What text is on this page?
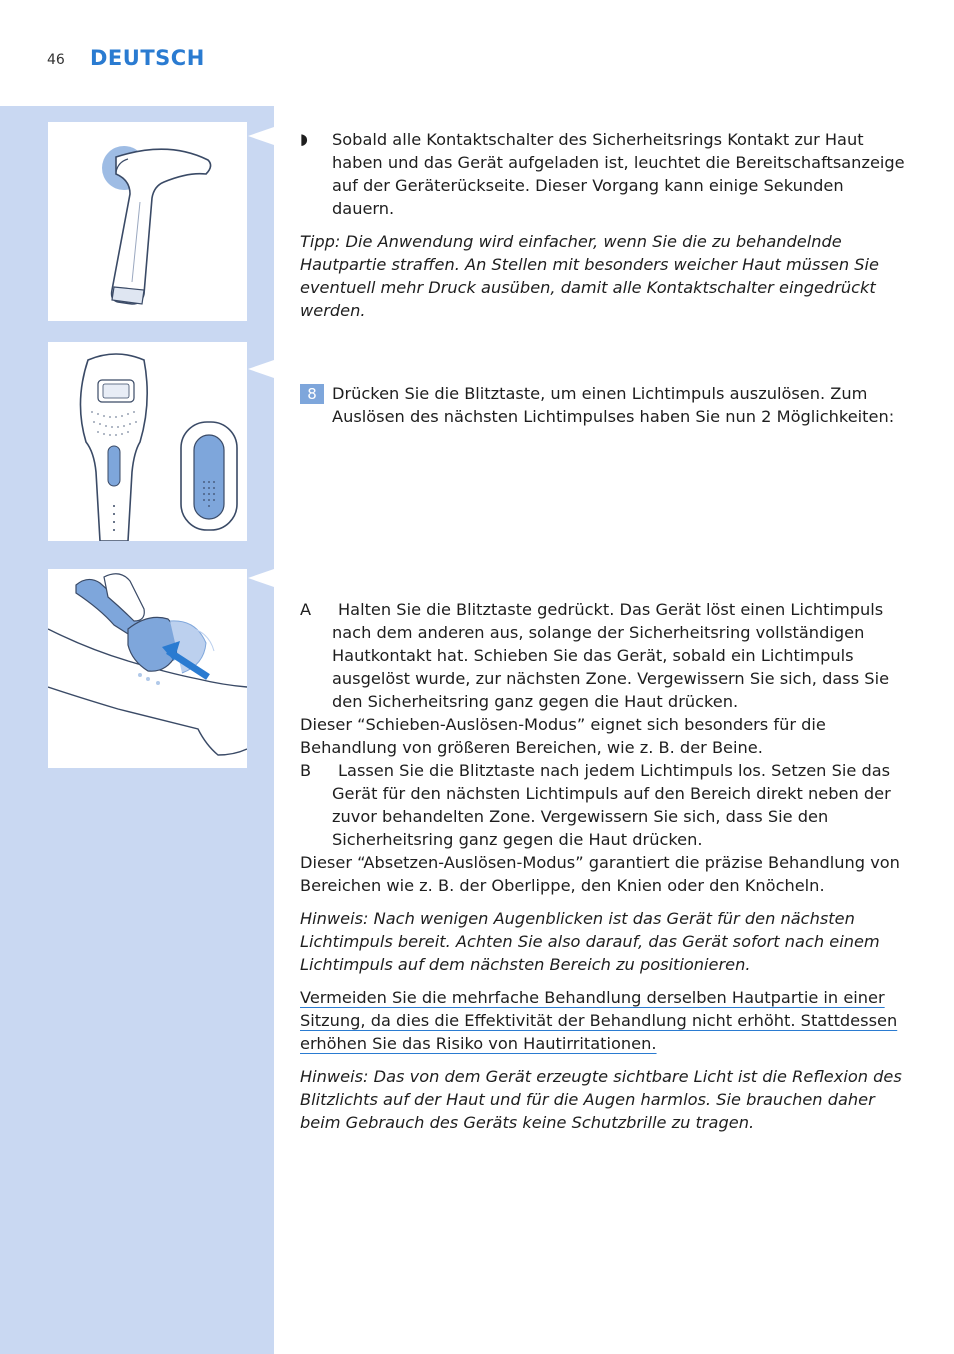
46 DEUTSCH
◗ Sobald alle Kontaktschalter des Sicherheitsrings Kontakt zur Haut haben und das Gerät aufgeladen ist, leuchtet die Bereitschaftsanzeige auf der Geräterückseite. Dieser Vorgang kann einige Sekunden dauern.

Tipp: Die Anwendung wird einfacher, wenn Sie die zu behandelnde Hautpartie straffen. An Stellen mit besonders weicher Haut müssen Sie eventuell mehr Druck ausüben, damit alle Kontaktschalter eingedrückt werden.

8 Drücken Sie die Blitztaste, um einen Lichtimpuls auszulösen. Zum Auslösen des nächsten Lichtimpulses haben Sie nun 2 Möglichkeiten:

A	Halten Sie die Blitztaste gedrückt. Das Gerät löst einen Lichtimpuls nach dem anderen aus, solange der Sicherheitsring vollständigen Hautkontakt hat. Schieben Sie das Gerät, sobald ein Lichtimpuls ausgelöst wurde, zur nächsten Zone. Vergewissern Sie sich, dass Sie den Sicherheitsring ganz gegen die Haut drücken.

Dieser “Schieben-Auslösen-Modus” eignet sich besonders für die Behandlung von größeren Bereichen, wie z. B. der Beine.

B	Lassen Sie die Blitztaste nach jedem Lichtimpuls los. Setzen Sie das Gerät für den nächsten Lichtimpuls auf den Bereich direkt neben der zuvor behandelten Zone. Vergewissern Sie sich, dass Sie den Sicherheitsring ganz gegen die Haut drücken.

Dieser “Absetzen-Auslösen-Modus” garantiert die präzise Behandlung von Bereichen wie z. B. der Oberlippe, den Knien oder den Knöcheln.

Hinweis: Nach wenigen Augenblicken ist das Gerät für den nächsten Lichtimpuls bereit. Achten Sie also darauf, das Gerät sofort nach einem Lichtimpuls auf dem nächsten Bereich zu positionieren.

Vermeiden Sie die mehrfache Behandlung derselben Hautpartie in einer Sitzung, da dies die Effektivität der Behandlung nicht erhöht. Stattdessen erhöhen Sie das Risiko von Hautirritationen.

Hinweis: Das von dem Gerät erzeugte sichtbare Licht ist die Reflexion des Blitzlichts auf der Haut und für die Augen harmlos. Sie brauchen daher beim Gebrauch des Geräts keine Schutzbrille zu tragen.
